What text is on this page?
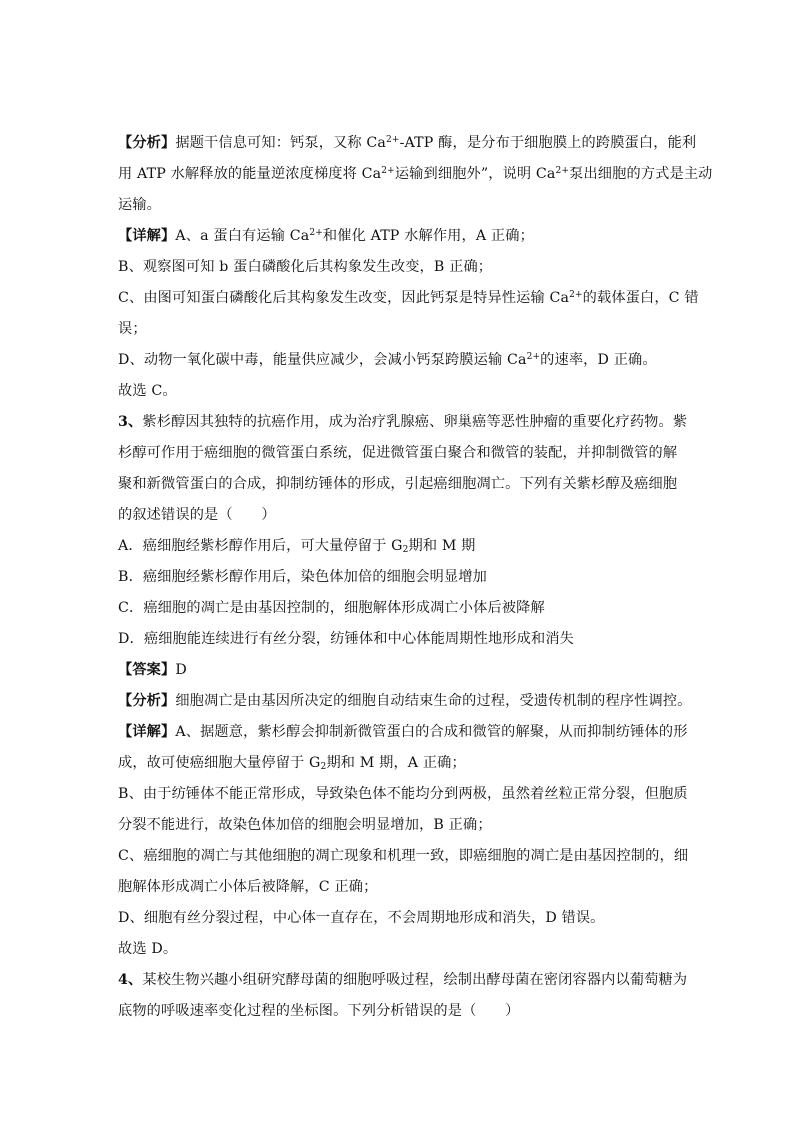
【分析】据题干信息可知：钙泵，又称 $Ca^{2+}$-ATP 酶，是分布于细胞膜上的跨膜蛋白，能利
用 ATP 水解释放的能量逆浓度梯度将 $Ca^{2+}$运输到细胞外”，说明 $Ca^{2+}$泵出细胞的方式是主动
运输。
【详解】A、a 蛋白有运输 $Ca^{2+}$和催化 ATP 水解作用，A 正确；
B、观察图可知 b 蛋白磷酸化后其构象发生改变，B 正确；
C、由图可知蛋白磷酸化后其构象发生改变，因此钙泵是特异性运输 $Ca^{2+}$的载体蛋白，C 错
误；
D、动物一氧化碳中毒，能量供应减少，会减小钙泵跨膜运输 $Ca^{2+}$的速率，D 正确。
故选 C。
3、紫杉醇因其独特的抗癌作用，成为治疗乳腺癌、卵巢癌等恶性肿瘤的重要化疗药物。紫
杉醇可作用于癌细胞的微管蛋白系统，促进微管蛋白聚合和微管的装配，并抑制微管的解
聚和新微管蛋白的合成，抑制纺锤体的形成，引起癌细胞凋亡。下列有关紫杉醇及癌细胞
的叙述错误的是（　　）
A．癌细胞经紫杉醇作用后，可大量停留于 $G_2$期和 M 期
B．癌细胞经紫杉醇作用后，染色体加倍的细胞会明显增加
C．癌细胞的凋亡是由基因控制的，细胞解体形成凋亡小体后被降解
D．癌细胞能连续进行有丝分裂，纺锤体和中心体能周期性地形成和消失
【答案】D
【分析】细胞凋亡是由基因所决定的细胞自动结束生命的过程，受遗传机制的程序性调控。
【详解】A、据题意，紫杉醇会抑制新微管蛋白的合成和微管的解聚，从而抑制纺锤体的形
成，故可使癌细胞大量停留于 $G_2$期和 M 期，A 正确；
B、由于纺锤体不能正常形成，导致染色体不能均分到两极，虽然着丝粒正常分裂，但胞质
分裂不能进行，故染色体加倍的细胞会明显增加，B 正确；
C、癌细胞的凋亡与其他细胞的凋亡现象和机理一致，即癌细胞的凋亡是由基因控制的，细
胞解体形成凋亡小体后被降解，C 正确；
D、细胞有丝分裂过程，中心体一直存在，不会周期地形成和消失，D 错误。
故选 D。
4、某校生物兴趣小组研究酵母菌的细胞呼吸过程，绘制出酵母菌在密闭容器内以葡萄糖为
底物的呼吸速率变化过程的坐标图。下列分析错误的是（　　）
